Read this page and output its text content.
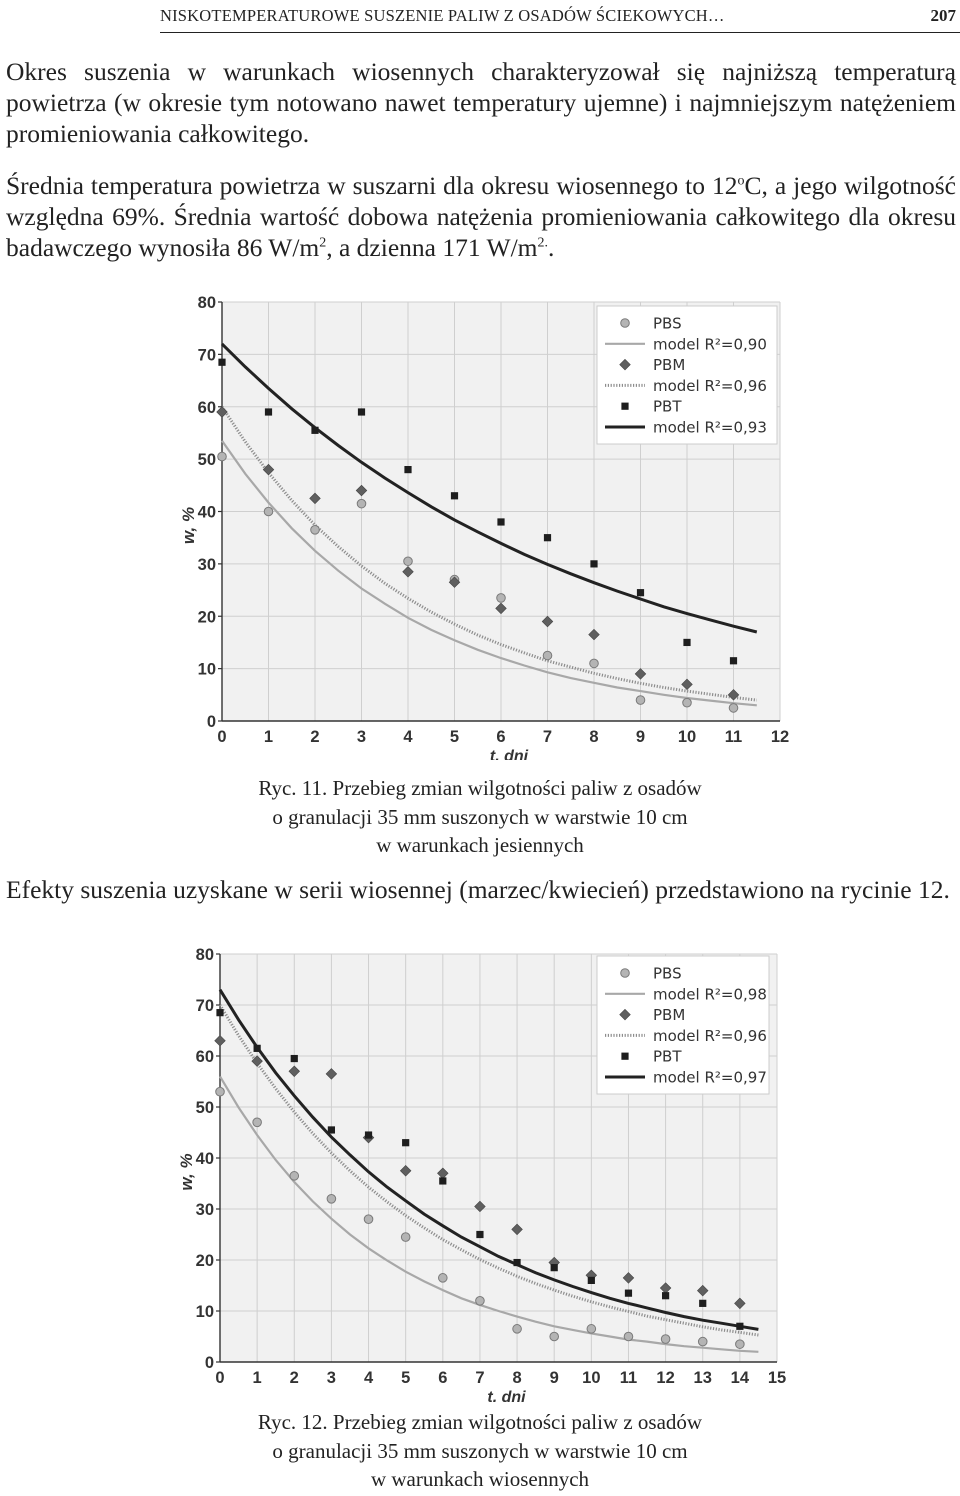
NISKOTEMPERATUROWE SUSZENIE PALIW Z OSADÓW ŚCIEKOWYCH…	207

Okres suszenia w warunkach wiosennych charakteryzował się najniższą temperaturą powietrza (w okresie tym notowano nawet temperatury ujemne) i najmniejszym natężeniem promieniowania całkowitego.

Średnia temperatura powietrza w suszarni dla okresu wiosennego to 12$^o$C, a jego wilgotność względna 69%. Średnia wartość dobowa natężenia promieniowania całkowitego dla okresu badawczego wynosiła 86 $W/m^2$, a dzienna 171 $W/m^{2.}$.

0
10
20
30
40
50
60
70
80
0 1 2 3 4 5 6 7 8 9 10 11 12
t, dni
w, %
PBS
model R²=0,90
PBM
model R²=0,96
PBT
model R²=0,93
Ryc. 11. Przebieg zmian wilgotności paliw z osadów
o granulacji 35 mm suszonych w warstwie 10 cm
w warunkach jesiennych

Efekty suszenia uzyskane w serii wiosennej (marzec/kwiecień) przedstawiono na rycinie 12.

0
10
20
30
40
50
60
70
80
0 1 2 3 4 5 6 7 8 9 10 11 12 13 14 15
t, dni
w, %
PBS
model R²=0,98
PBM
model R²=0,96
PBT
model R²=0,97
Ryc. 12. Przebieg zmian wilgotności paliw z osadów
o granulacji 35 mm suszonych w warstwie 10 cm
w warunkach wiosennych
